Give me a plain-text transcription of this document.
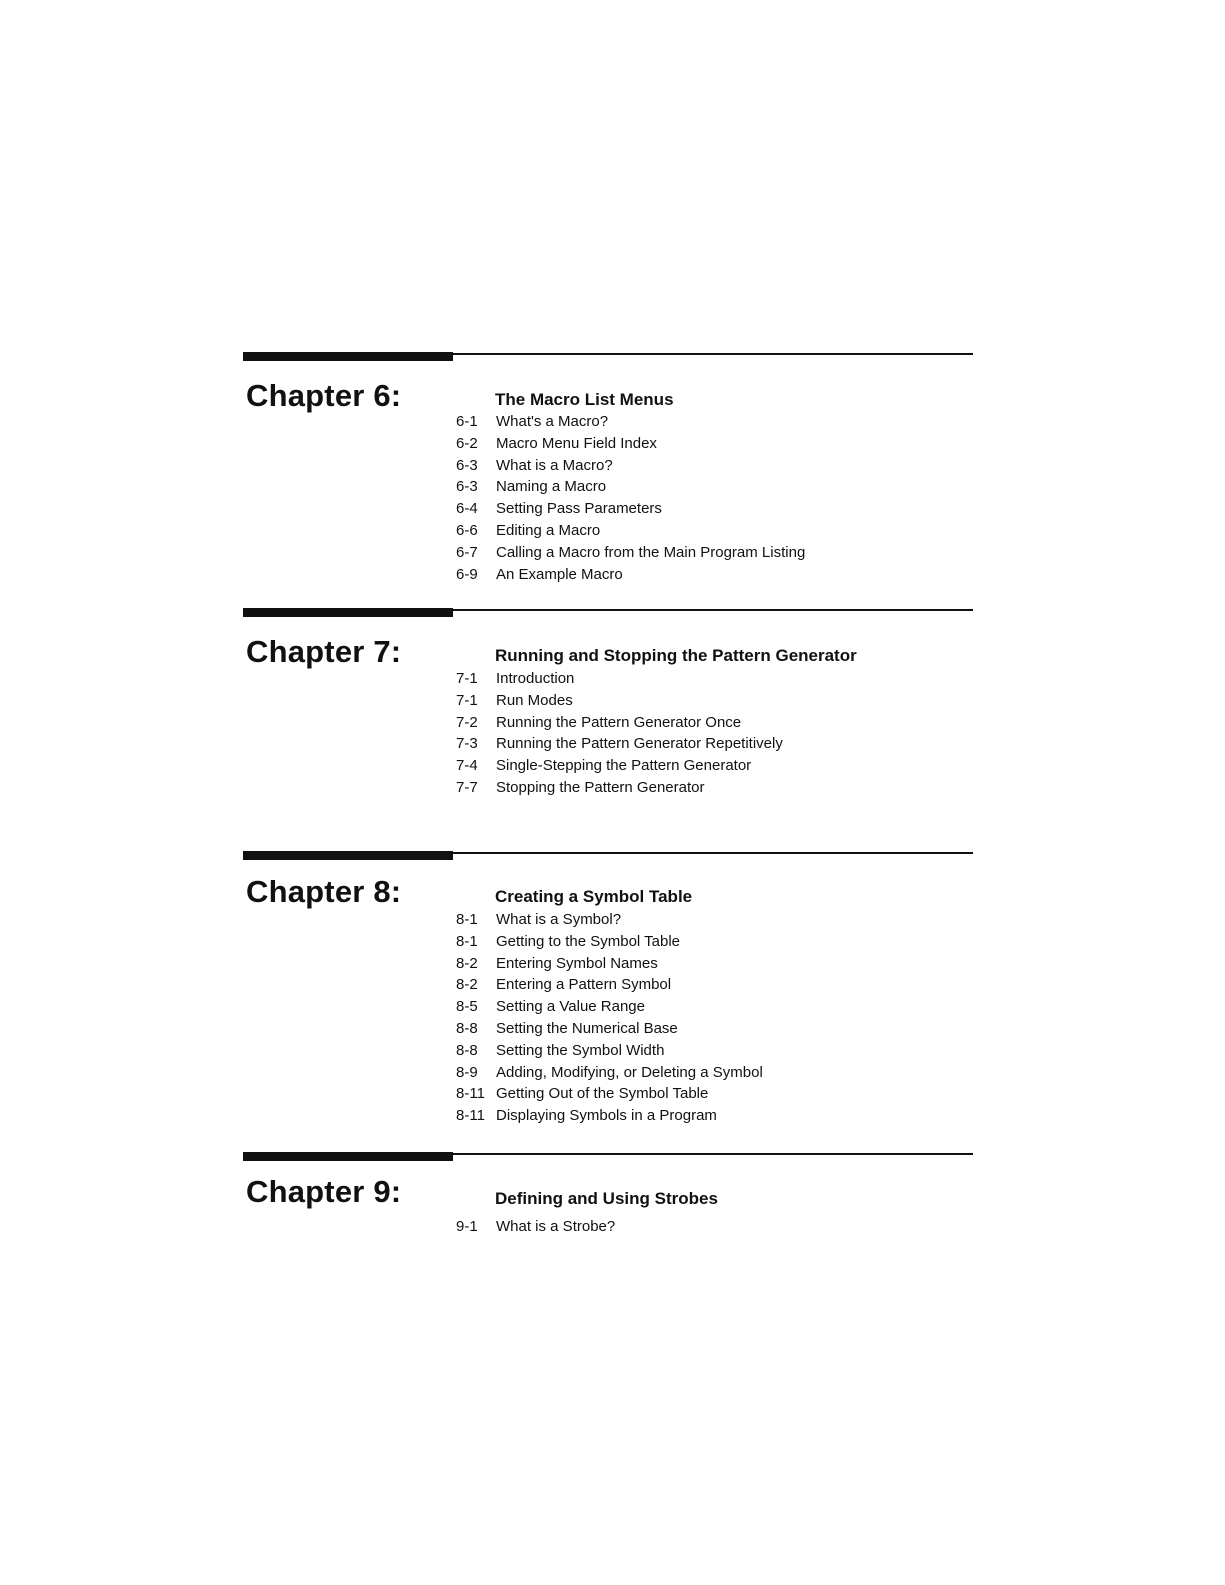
Chapter 6:	The Macro List Menus
6-1 What's a Macro?
6-2 Macro Menu Field Index
6-3 What is a Macro?
6-3 Naming a Macro
6-4 Setting Pass Parameters
6-6 Editing a Macro
6-7 Calling a Macro from the Main Program Listing
6-9 An Example Macro
Chapter 7:	Running and Stopping the Pattern Generator
7-1 Introduction
7-1 Run Modes
7-2 Running the Pattern Generator Once
7-3 Running the Pattern Generator Repetitively
7-4 Single-Stepping the Pattern Generator
7-7 Stopping the Pattern Generator
Chapter 8:	Creating a Symbol Table
8-1 What is a Symbol?
8-1 Getting to the Symbol Table
8-2 Entering Symbol Names
8-2 Entering a Pattern Symbol
8-5 Setting a Value Range
8-8 Setting the Numerical Base
8-8 Setting the Symbol Width
8-9 Adding, Modifying, or Deleting a Symbol
8-11 Getting Out of the Symbol Table
8-11 Displaying Symbols in a Program
Chapter 9:	Defining and Using Strobes
9-1 What is a Strobe?
